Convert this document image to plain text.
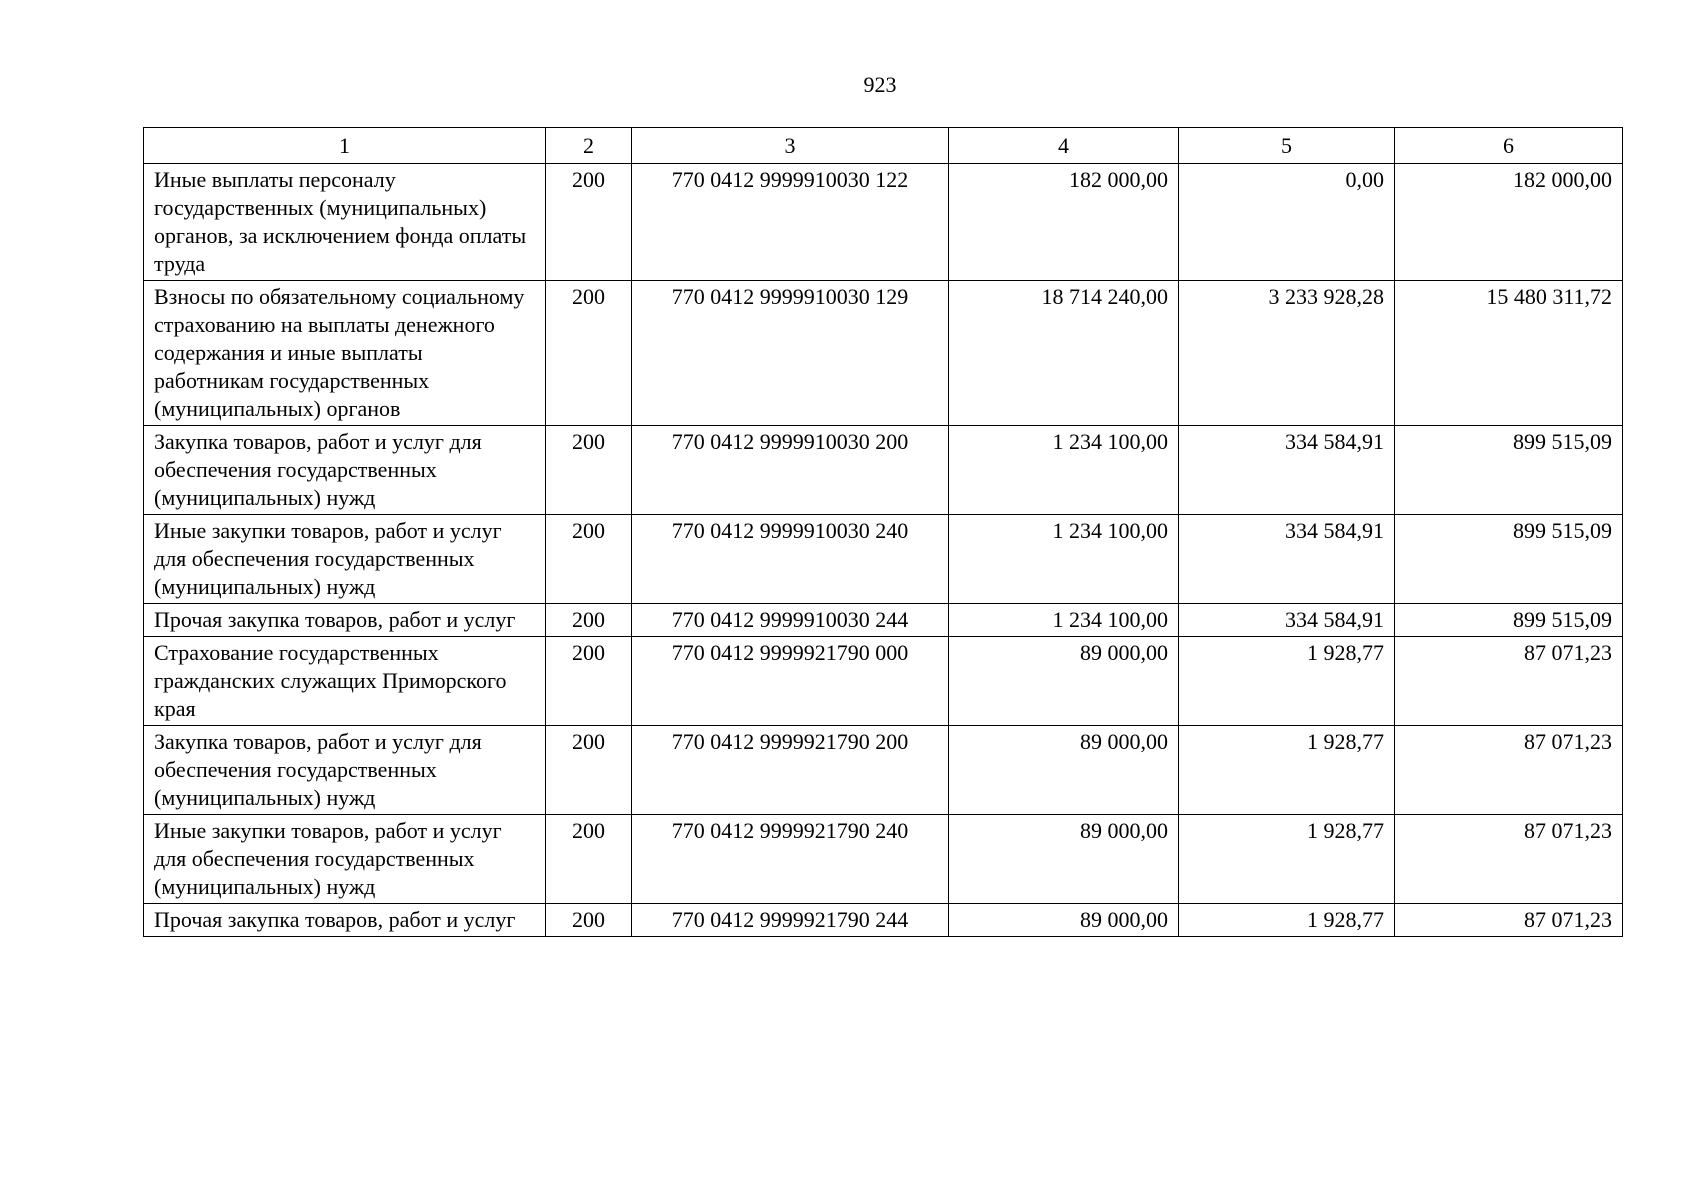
923
1	2	3	4	5	6
Иные выплаты персоналу государственных (муниципальных) органов, за исключением фонда оплаты труда	200	770 0412 9999910030 122	182 000,00	0,00	182 000,00
Взносы по обязательному социальному страхованию на выплаты денежного содержания и иные выплаты работникам государственных (муниципальных) органов	200	770 0412 9999910030 129	18 714 240,00	3 233 928,28	15 480 311,72
Закупка товаров, работ и услуг для обеспечения государственных (муниципальных) нужд	200	770 0412 9999910030 200	1 234 100,00	334 584,91	899 515,09
Иные закупки товаров, работ и услуг для обеспечения государственных (муниципальных) нужд	200	770 0412 9999910030 240	1 234 100,00	334 584,91	899 515,09
Прочая закупка товаров, работ и услуг	200	770 0412 9999910030 244	1 234 100,00	334 584,91	899 515,09
Страхование государственных гражданских служащих Приморского края	200	770 0412 9999921790 000	89 000,00	1 928,77	87 071,23
Закупка товаров, работ и услуг для обеспечения государственных (муниципальных) нужд	200	770 0412 9999921790 200	89 000,00	1 928,77	87 071,23
Иные закупки товаров, работ и услуг для обеспечения государственных (муниципальных) нужд	200	770 0412 9999921790 240	89 000,00	1 928,77	87 071,23
Прочая закупка товаров, работ и услуг	200	770 0412 9999921790 244	89 000,00	1 928,77	87 071,23
